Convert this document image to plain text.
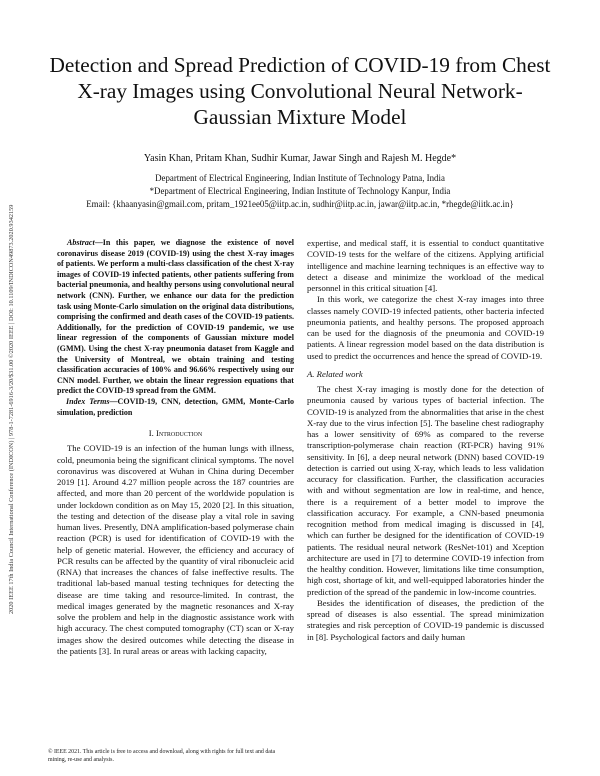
2020 IEEE 17th India Council International Conference (INDICON) | 978-1-7281-6916-3/20/$31.00 ©2020 IEEE | DOI: 10.1109/INDICON49873.2020.9342159
Detection and Spread Prediction of COVID-19 from Chest X-ray Images using Convolutional Neural Network-Gaussian Mixture Model
Yasin Khan, Pritam Khan, Sudhir Kumar, Jawar Singh and Rajesh M. Hegde*
Department of Electrical Engineering, Indian Institute of Technology Patna, India
*Department of Electrical Engineering, Indian Institute of Technology Kanpur, India
Email: {khaanyasin@gmail.com, pritam_1921ee05@iitp.ac.in, sudhir@iitp.ac.in, jawar@iitp.ac.in, *rhegde@iitk.ac.in}

Abstract—In this paper, we diagnose the existence of novel coronavirus disease 2019 (COVID-19) using the chest X-ray images of patients. We perform a multi-class classification of the chest X-ray images of COVID-19 infected patients, other patients suffering from bacterial pneumonia, and healthy persons using convolutional neural network (CNN). Further, we enhance our data for the prediction task using Monte-Carlo simulation on the original data distributions, comprising the confirmed and death cases of the COVID-19 patients. Additionally, for the prediction of COVID-19 pandemic, we use linear regression of the components of Gaussian mixture model (GMM). Using the chest X-ray pneumonia dataset from Kaggle and the University of Montreal, we obtain training and testing classification accuracies of 100% and 96.66% respectively using our CNN model. Further, we obtain the linear regression equations that predict the COVID-19 spread from the GMM.

Index Terms—COVID-19, CNN, detection, GMM, Monte-Carlo simulation, prediction

I. Introduction

The COVID-19 is an infection of the human lungs with illness, cold, pneumonia being the significant clinical symptoms. The novel coronavirus was discovered at Wuhan in China during December 2019 [1]. Around 4.27 million people across the 187 countries are affected, and more than 20 percent of the worldwide population is under lockdown condition as on May 15, 2020 [2]. In this situation, the testing and detection of the disease play a vital role in saving human lives. Presently, DNA amplification-based polymerase chain reaction (PCR) is used for identification of COVID-19 with the help of genetic material. However, the efficiency and accuracy of PCR results can be affected by the quantity of viral ribonucleic acid (RNA) that increases the chances of false ineffective results. The traditional lab-based manual testing techniques for detecting the disease are time taking and resource-limited. In contrast, the medical images generated by the magnetic resonances and X-ray solve the problem and help in the diagnostic assistance work with high accuracy. The chest computed tomography (CT) scan or X-ray images show the desired outcomes while detecting the disease in the patients [3]. In rural areas or areas with lacking capacity,

expertise, and medical staff, it is essential to conduct quantitative COVID-19 tests for the welfare of the citizens. Applying artificial intelligence and machine learning techniques is an effective way to detect a disease and minimize the workload of the medical personnel in this critical situation [4].

In this work, we categorize the chest X-ray images into three classes namely COVID-19 infected patients, other bacteria infected pneumonia patients, and healthy persons. The proposed approach can be used for the diagnosis of the pneumonia and COVID-19 patients. A linear regression model based on the data distribution is used to predict the occurrences and hence the spread of COVID-19.

A. Related work

The chest X-ray imaging is mostly done for the detection of pneumonia caused by various types of bacterial infection. The COVID-19 is analyzed from the abnormalities that arise in the chest X-ray due to the virus infection [5]. The baseline chest radiography has a lower sensitivity of 69% as compared to the reverse transcription-polymerase chain reaction (RT-PCR) having 91% sensitivity. In [6], a deep neural network (DNN) based COVID-19 detection is carried out using X-ray, which leads to less validation accuracy for classification. Further, the classification accuracies with and without segmentation are low in real-time, and hence, there is a requirement of a better model to improve the classification accuracy. For example, a CNN-based pneumonia recognition method from medical imaging is discussed in [4], which can further be designed for the identification of COVID-19 patients. The residual neural network (ResNet-101) and Xception architecture are used in [7] to determine COVID-19 infection from the healthy condition. However, limitations like time consumption, high cost, shortage of kit, and well-equipped laboratories hinder the prediction of the spread of the pandemic in low-income countries.

Besides the identification of diseases, the prediction of the spread of diseases is also essential. The spread minimization strategies and risk perception of COVID-19 pandemic is discussed in [8]. Psychological factors and daily human

© IEEE 2021. This article is free to access and download, along with rights for full text and data mining, re-use and analysis.
